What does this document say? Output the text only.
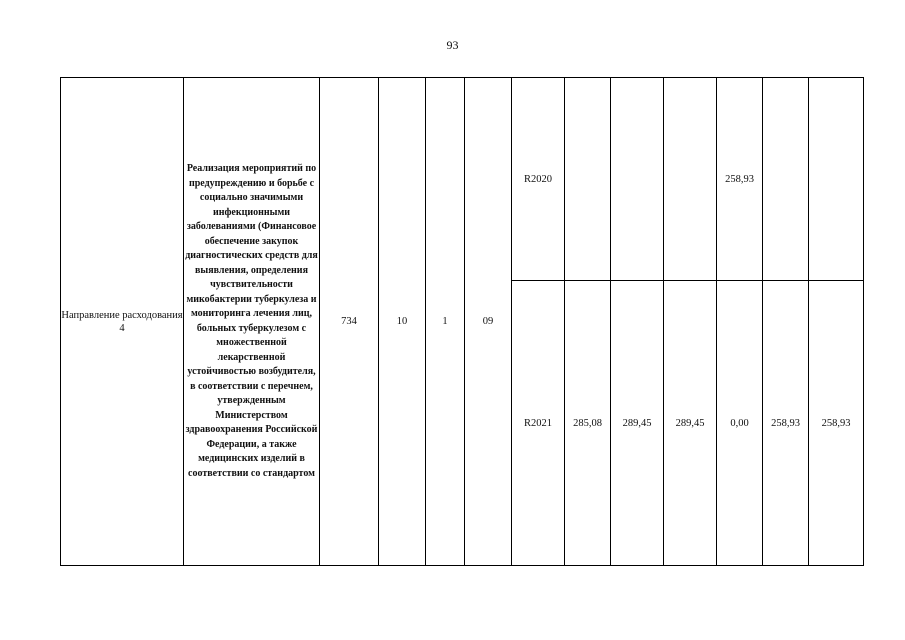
93
Направление расходования 4	Реализация мероприятий по предупреждению и борьбе с социально значимыми инфекционными заболеваниями (Финансовое обеспечение закупок диагностических средств для выявления, определения чувствительности микобактерии туберкулеза и мониторинга лечения лиц, больных туберкулезом с множественной лекарственной устойчивостью возбудителя, в соответствии с перечнем, утвержденным Министерством здравоохранения Российской Федерации, а также медицинских изделий в соответствии со стандартом	734	10	1	09	R2020				258,93		
						R2021	285,08	289,45	289,45	0,00	258,93	258,93
